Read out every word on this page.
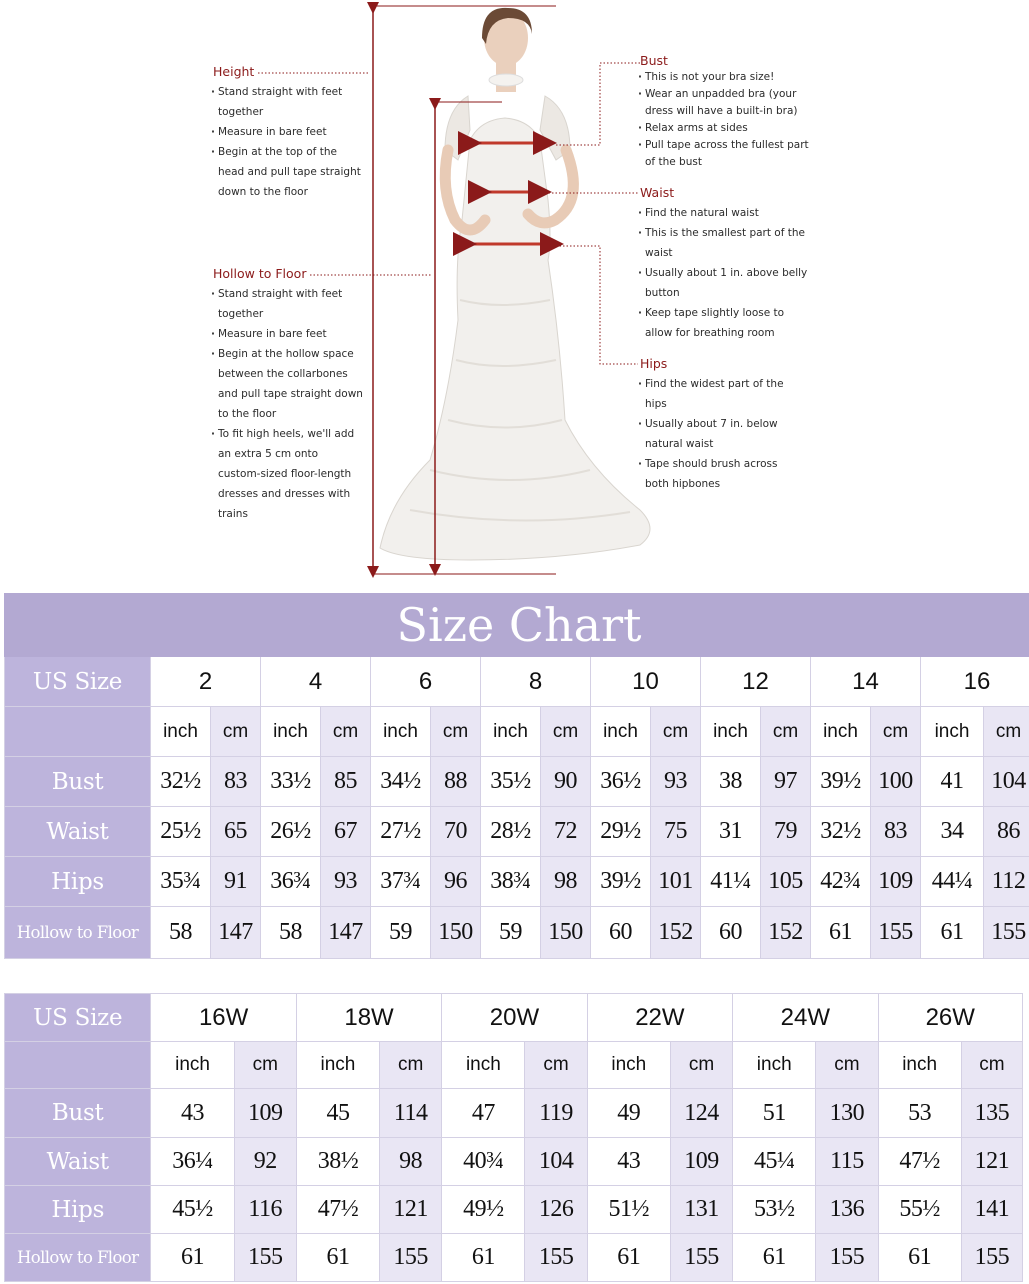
Height
· Stand straight with feet together
· Measure in bare feet
· Begin at the top of the head and pull tape straight down to the floor
Hollow to Floor
· Stand straight with feet together
· Measure in bare feet
· Begin at the hollow space between the collarbones and pull tape straight down to the floor
· To fit high heels, we'll add an extra 5 cm onto custom-sized floor-length dresses and dresses with trains
Bust
· This is not your bra size!
· Wear an unpadded bra (your dress will have a built-in bra)
· Relax arms at sides
· Pull tape across the fullest part of the bust
Waist
· Find the natural waist
· This is the smallest part of the waist
· Usually about 1 in. above belly button
· Keep tape slightly loose to allow for breathing room
Hips
· Find the widest part of the hips
· Usually about 7 in. below natural waist
· Tape should brush across both hipbones
Size Chart																
US Size	2		4		6		8		10		12		14		16	
	inch	cm	inch	cm	inch	cm	inch	cm	inch	cm	inch	cm	inch	cm	inch	cm
Bust	32½	83	33½	85	34½	88	35½	90	36½	93	38	97	39½	100	41	104
Waist	25½	65	26½	67	27½	70	28½	72	29½	75	31	79	32½	83	34	86
Hips	35¾	91	36¾	93	37¾	96	38¾	98	39½	101	41¼	105	42¾	109	44¼	112
Hollow to Floor	58	147	58	147	59	150	59	150	60	152	60	152	61	155	61	155
US Size	16W		18W		20W		22W		24W		26W	
	inch	cm	inch	cm	inch	cm	inch	cm	inch	cm	inch	cm
Bust	43	109	45	114	47	119	49	124	51	130	53	135
Waist	36¼	92	38½	98	40¾	104	43	109	45¼	115	47½	121
Hips	45½	116	47½	121	49½	126	51½	131	53½	136	55½	141
Hollow to Floor	61	155	61	155	61	155	61	155	61	155	61	155
